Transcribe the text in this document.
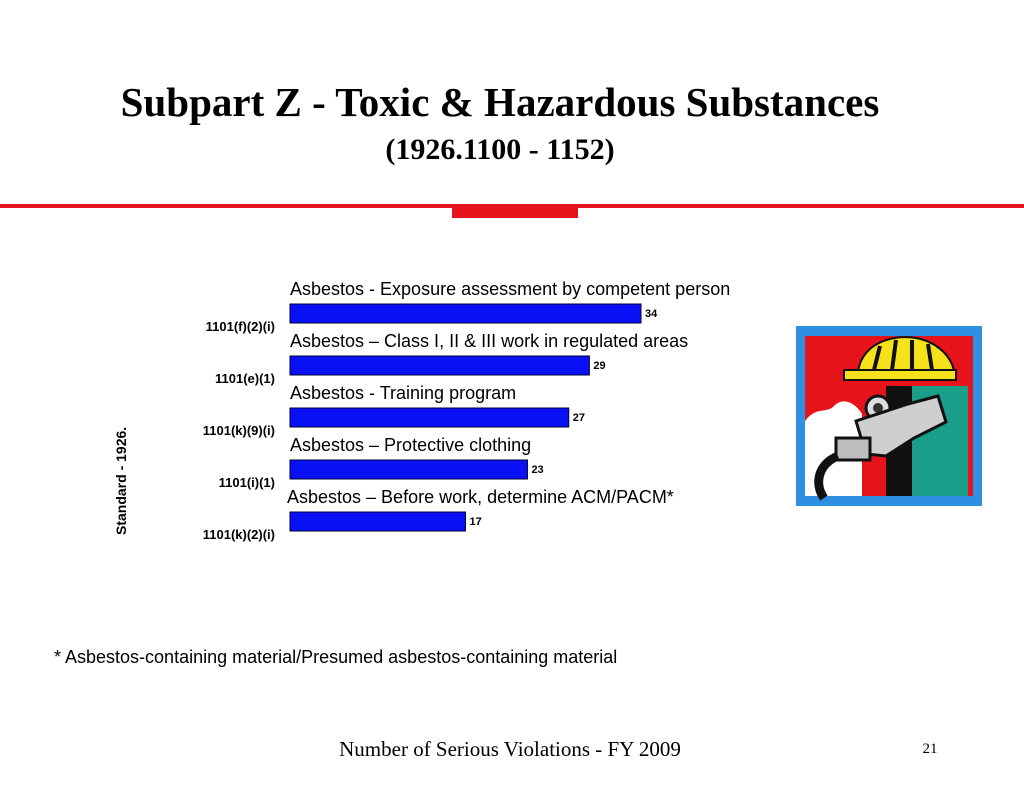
Subpart Z - Toxic & Hazardous Substances
(1926.1100 - 1152)
Standard - 1926.
Asbestos - Exposure assessment by competent person
34
1101(f)(2)(i)
Asbestos – Class I, II & III work in regulated areas
29
1101(e)(1)
Asbestos - Training program
27
1101(k)(9)(i)
Asbestos – Protective clothing
23
1101(i)(1)
Asbestos – Before work, determine ACM/PACM*
17
1101(k)(2)(i)
* Asbestos-containing material/Presumed asbestos-containing material
Number of Serious Violations - FY 2009	21
